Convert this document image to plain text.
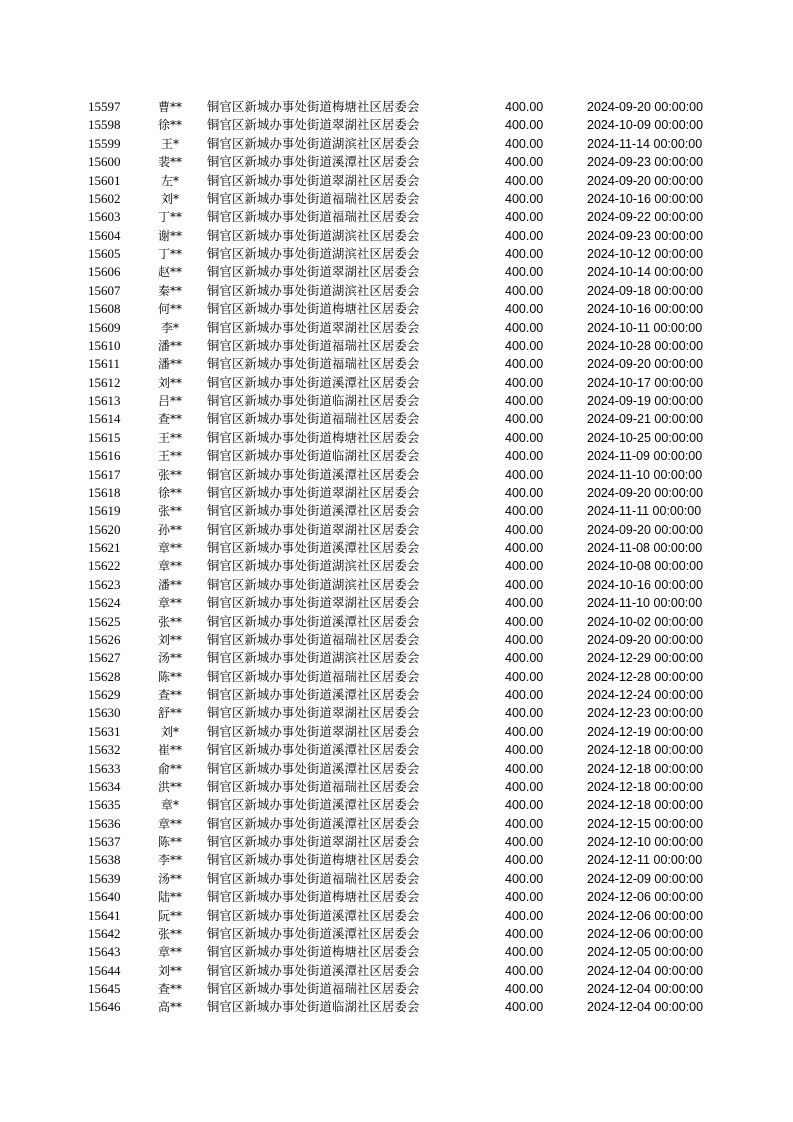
15597	曹**	铜官区新城办事处街道梅塘社区居委会	400.00	2024-09-20 00:00:00
15598	徐**	铜官区新城办事处街道翠湖社区居委会	400.00	2024-10-09 00:00:00
15599	王*	铜官区新城办事处街道湖滨社区居委会	400.00	2024-11-14 00:00:00
15600	裴**	铜官区新城办事处街道溪潭社区居委会	400.00	2024-09-23 00:00:00
15601	左*	铜官区新城办事处街道翠湖社区居委会	400.00	2024-09-20 00:00:00
15602	刘*	铜官区新城办事处街道福瑞社区居委会	400.00	2024-10-16 00:00:00
15603	丁**	铜官区新城办事处街道福瑞社区居委会	400.00	2024-09-22 00:00:00
15604	谢**	铜官区新城办事处街道湖滨社区居委会	400.00	2024-09-23 00:00:00
15605	丁**	铜官区新城办事处街道湖滨社区居委会	400.00	2024-10-12 00:00:00
15606	赵**	铜官区新城办事处街道翠湖社区居委会	400.00	2024-10-14 00:00:00
15607	秦**	铜官区新城办事处街道湖滨社区居委会	400.00	2024-09-18 00:00:00
15608	何**	铜官区新城办事处街道梅塘社区居委会	400.00	2024-10-16 00:00:00
15609	李*	铜官区新城办事处街道翠湖社区居委会	400.00	2024-10-11 00:00:00
15610	潘**	铜官区新城办事处街道福瑞社区居委会	400.00	2024-10-28 00:00:00
15611	潘**	铜官区新城办事处街道福瑞社区居委会	400.00	2024-09-20 00:00:00
15612	刘**	铜官区新城办事处街道溪潭社区居委会	400.00	2024-10-17 00:00:00
15613	吕**	铜官区新城办事处街道临湖社区居委会	400.00	2024-09-19 00:00:00
15614	查**	铜官区新城办事处街道福瑞社区居委会	400.00	2024-09-21 00:00:00
15615	王**	铜官区新城办事处街道梅塘社区居委会	400.00	2024-10-25 00:00:00
15616	王**	铜官区新城办事处街道临湖社区居委会	400.00	2024-11-09 00:00:00
15617	张**	铜官区新城办事处街道溪潭社区居委会	400.00	2024-11-10 00:00:00
15618	徐**	铜官区新城办事处街道翠湖社区居委会	400.00	2024-09-20 00:00:00
15619	张**	铜官区新城办事处街道溪潭社区居委会	400.00	2024-11-11 00:00:00
15620	孙**	铜官区新城办事处街道翠湖社区居委会	400.00	2024-09-20 00:00:00
15621	章**	铜官区新城办事处街道溪潭社区居委会	400.00	2024-11-08 00:00:00
15622	章**	铜官区新城办事处街道湖滨社区居委会	400.00	2024-10-08 00:00:00
15623	潘**	铜官区新城办事处街道湖滨社区居委会	400.00	2024-10-16 00:00:00
15624	章**	铜官区新城办事处街道翠湖社区居委会	400.00	2024-11-10 00:00:00
15625	张**	铜官区新城办事处街道溪潭社区居委会	400.00	2024-10-02 00:00:00
15626	刘**	铜官区新城办事处街道福瑞社区居委会	400.00	2024-09-20 00:00:00
15627	汤**	铜官区新城办事处街道湖滨社区居委会	400.00	2024-12-29 00:00:00
15628	陈**	铜官区新城办事处街道福瑞社区居委会	400.00	2024-12-28 00:00:00
15629	查**	铜官区新城办事处街道溪潭社区居委会	400.00	2024-12-24 00:00:00
15630	舒**	铜官区新城办事处街道翠湖社区居委会	400.00	2024-12-23 00:00:00
15631	刘*	铜官区新城办事处街道翠湖社区居委会	400.00	2024-12-19 00:00:00
15632	崔**	铜官区新城办事处街道溪潭社区居委会	400.00	2024-12-18 00:00:00
15633	俞**	铜官区新城办事处街道溪潭社区居委会	400.00	2024-12-18 00:00:00
15634	洪**	铜官区新城办事处街道福瑞社区居委会	400.00	2024-12-18 00:00:00
15635	章*	铜官区新城办事处街道溪潭社区居委会	400.00	2024-12-18 00:00:00
15636	章**	铜官区新城办事处街道溪潭社区居委会	400.00	2024-12-15 00:00:00
15637	陈**	铜官区新城办事处街道翠湖社区居委会	400.00	2024-12-10 00:00:00
15638	李**	铜官区新城办事处街道梅塘社区居委会	400.00	2024-12-11 00:00:00
15639	汤**	铜官区新城办事处街道福瑞社区居委会	400.00	2024-12-09 00:00:00
15640	陆**	铜官区新城办事处街道梅塘社区居委会	400.00	2024-12-06 00:00:00
15641	阮**	铜官区新城办事处街道溪潭社区居委会	400.00	2024-12-06 00:00:00
15642	张**	铜官区新城办事处街道溪潭社区居委会	400.00	2024-12-06 00:00:00
15643	章**	铜官区新城办事处街道梅塘社区居委会	400.00	2024-12-05 00:00:00
15644	刘**	铜官区新城办事处街道溪潭社区居委会	400.00	2024-12-04 00:00:00
15645	查**	铜官区新城办事处街道福瑞社区居委会	400.00	2024-12-04 00:00:00
15646	高**	铜官区新城办事处街道临湖社区居委会	400.00	2024-12-04 00:00:00
